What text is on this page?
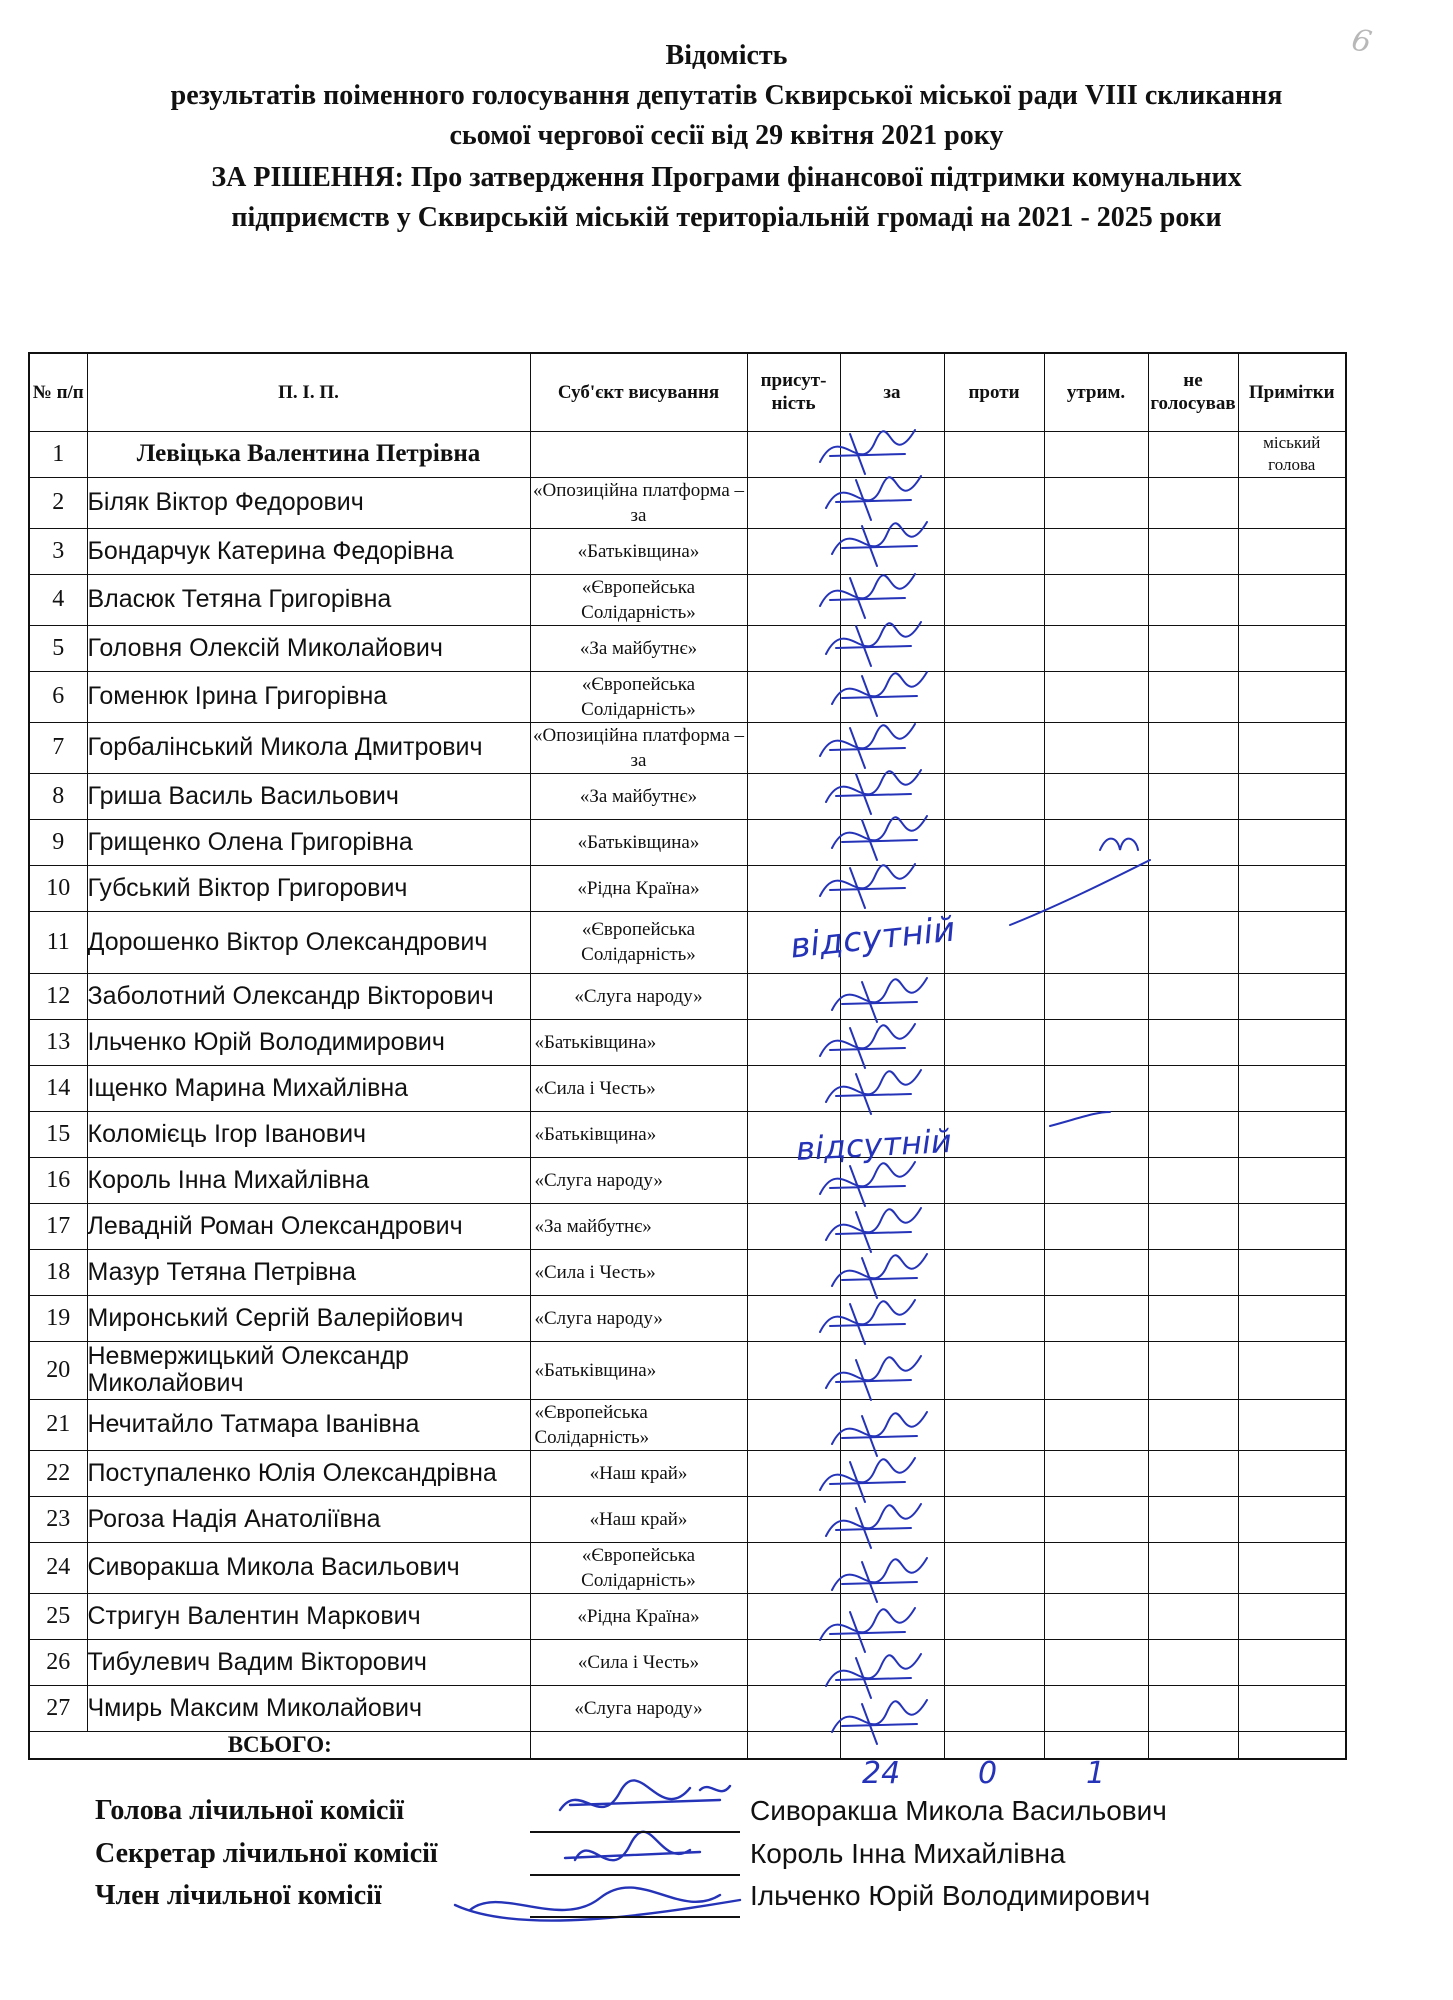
6
Відомість
результатів поіменного голосування депутатів Сквирської міської ради VIII скликання
сьомої чергової сесії від 29 квітня 2021 року
ЗА РІШЕННЯ: Про затвердження Програми фінансової підтримки комунальних
підприємств у Сквирській міській територіальній громаді на 2021 - 2025 роки
№ п/п	П. І. П.	Суб'єкт висування	присут-ність	за	проти	утрим.	не голосував	Примітки
1	Левіцька Валентина Петрівна							міський голова
2	Біляк Віктор Федорович	«Опозиційна платформа – за						
3	Бондарчук Катерина Федорівна	«Батьківщина»						
4	Власюк Тетяна Григорівна	«Європейська Солідарність»						
5	Головня Олексій Миколайович	«За майбутнє»						
6	Гоменюк Ірина Григорівна	«Європейська Солідарність»						
7	Горбалінський Микола Дмитрович	«Опозиційна платформа – за						
8	Гриша Василь Васильович	«За майбутнє»						
9	Грищенко Олена Григорівна	«Батьківщина»						
10	Губський Віктор Григорович	«Рідна Країна»						
11	Дорошенко Віктор Олександрович	«Європейська Солідарність»						
12	Заболотний Олександр Вікторович	«Слуга народу»						
13	Ільченко Юрій Володимирович	«Батьківщина»						
14	Іщенко Марина Михайлівна	«Сила і Честь»						
15	Коломієць Ігор Іванович	«Батьківщина»						
16	Король Інна Михайлівна	«Слуга народу»						
17	Левадній Роман Олександрович	«За майбутнє»						
18	Мазур Тетяна Петрівна	«Сила і Честь»						
19	Миронський Сергій Валерійович	«Слуга народу»						
20	Невмержицький Олександр Миколайович	«Батьківщина»						
21	Нечитайло Татмара Іванівна	«Європейська Солідарність»						
22	Поступаленко Юлія Олександрівна	«Наш край»						
23	Рогоза Надія Анатоліївна	«Наш край»						
24	Сиворакша Микола Васильович	«Європейська Солідарність»						
25	Стригун Валентин Маркович	«Рідна Країна»						
26	Тибулевич Вадим Вікторович	«Сила і Честь»						
27	Чмирь Максим Миколайович	«Слуга народу»						
ВСЬОГО:								
відсутній
відсутній
24	0	1
Голова лічильної комісії	Сиворакша Микола Васильович
Секретар лічильної комісії	Король Інна Михайлівна
Член лічильної комісії	Ільченко Юрій Володимирович
